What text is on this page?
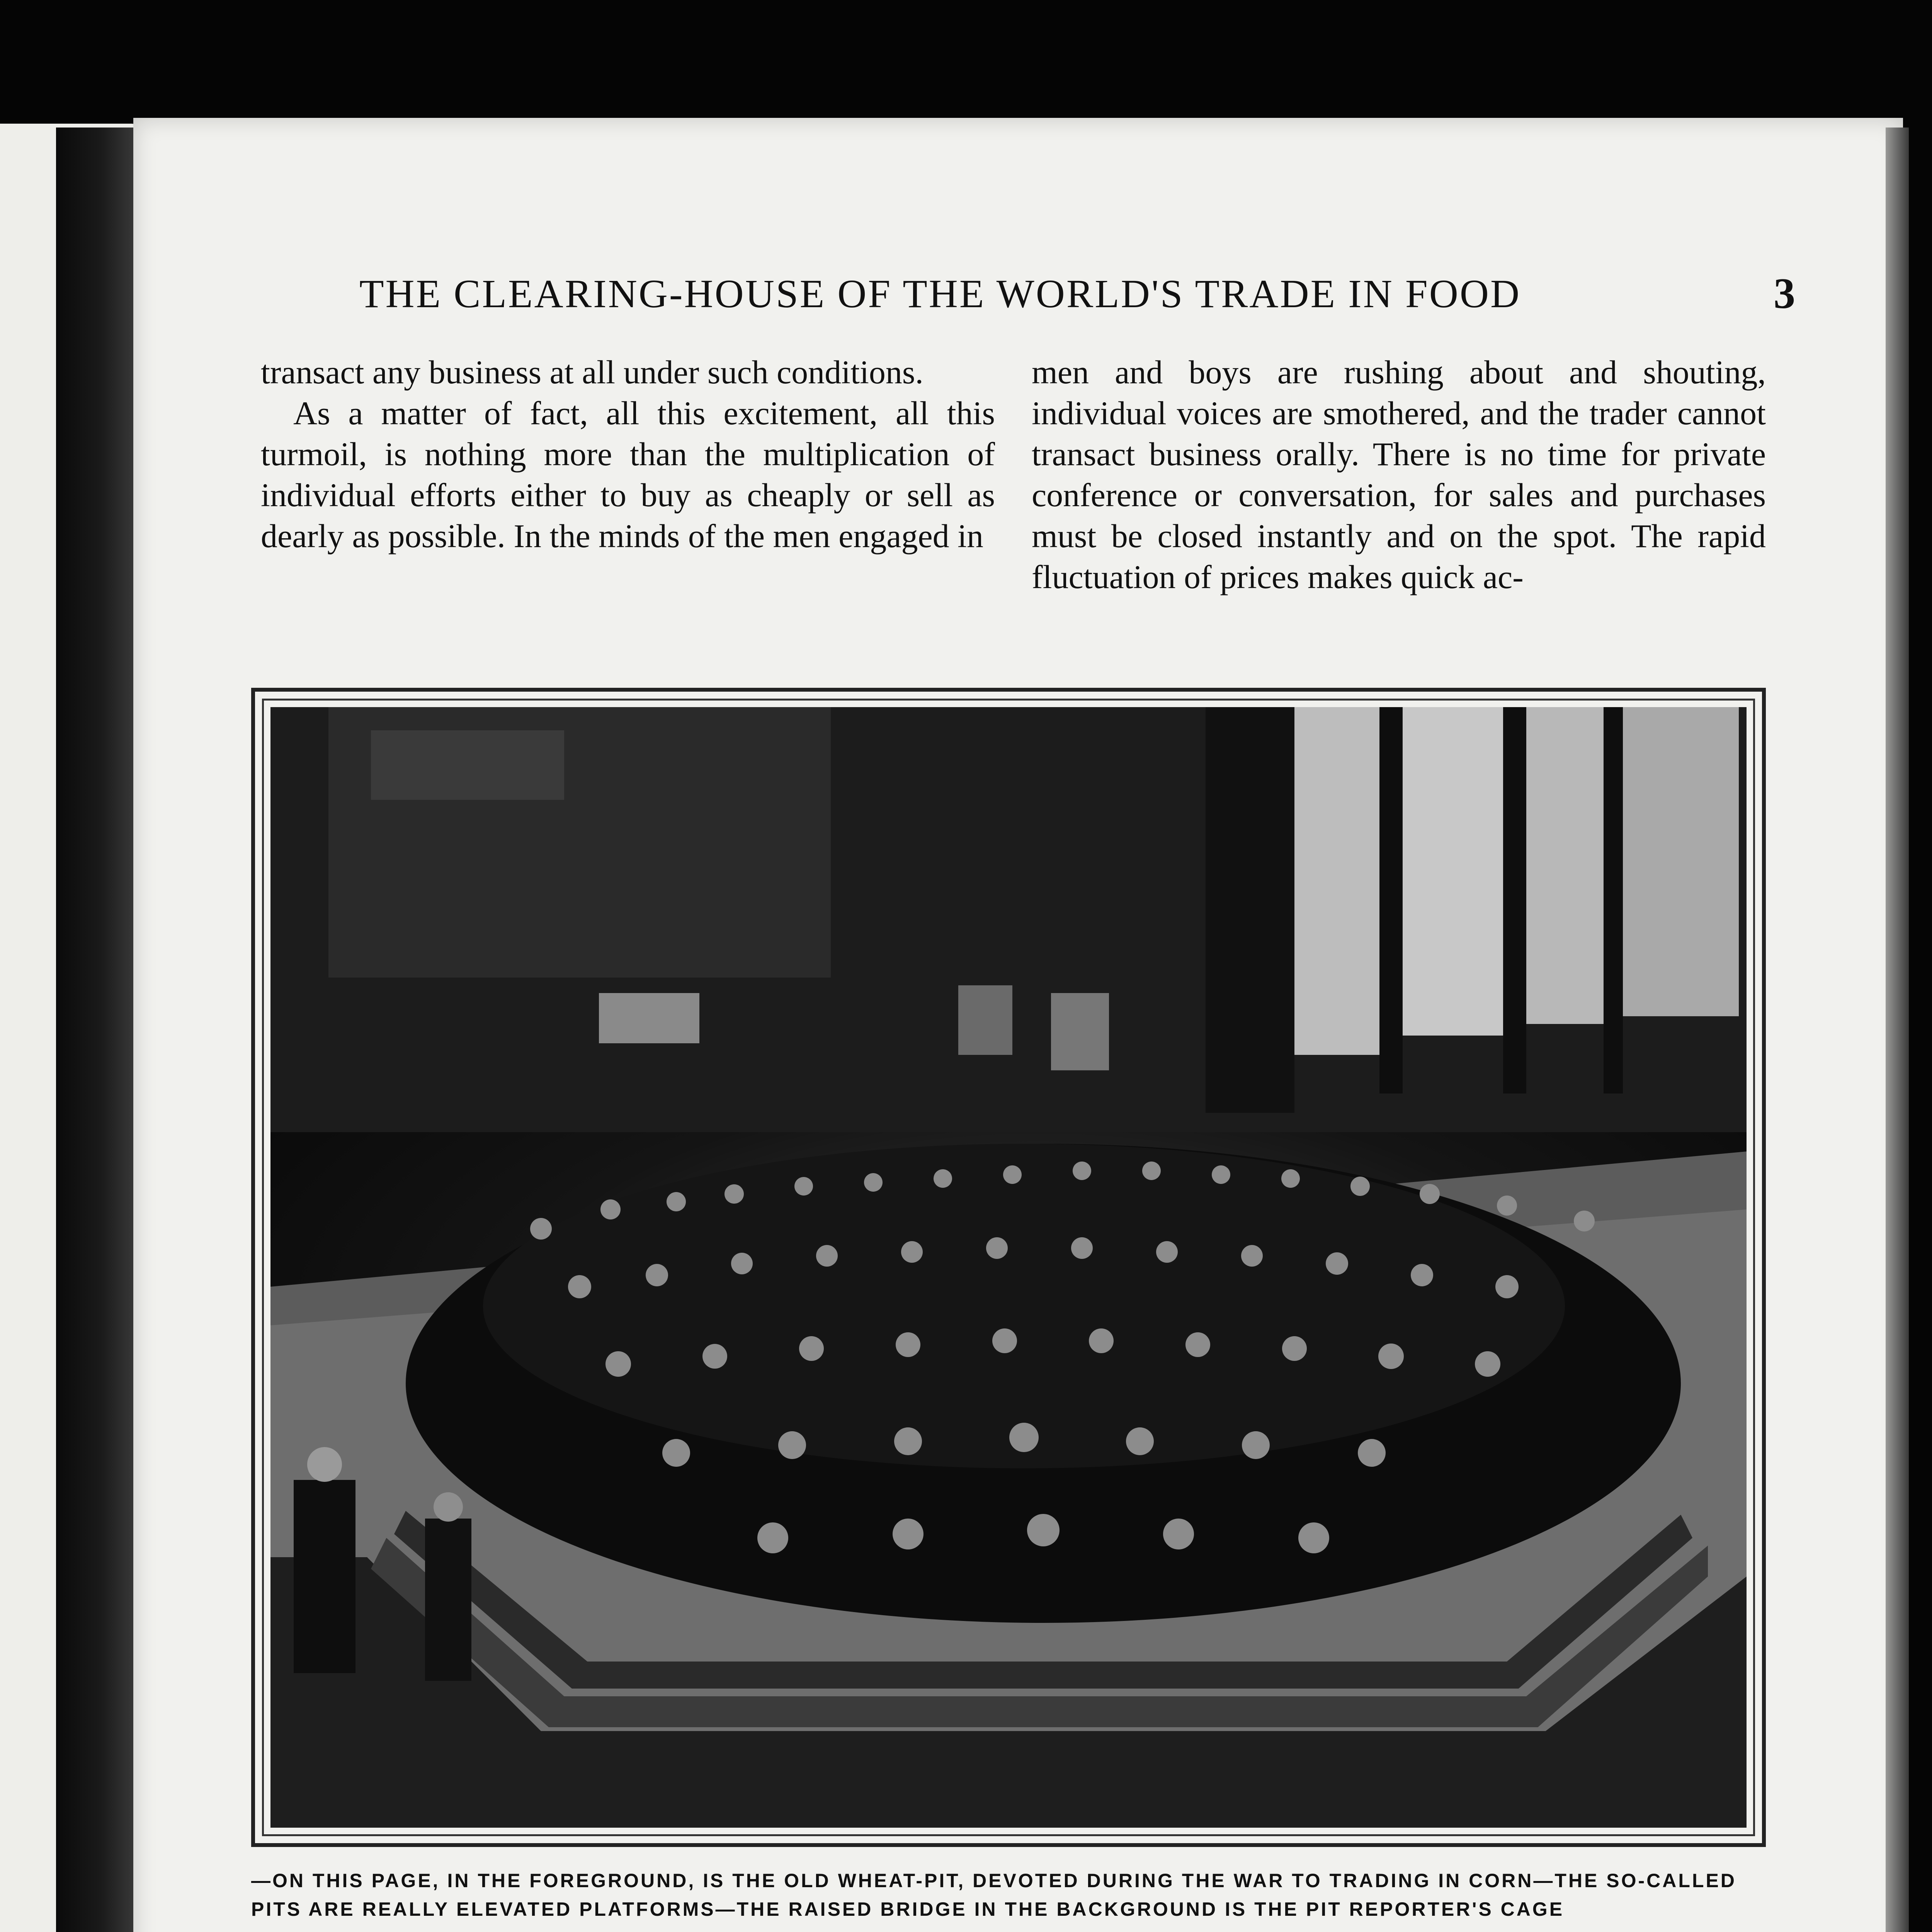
THE CLEARING-HOUSE OF THE WORLD'S TRADE IN FOOD	3

transact any business at all under such conditions.

As a matter of fact, all this excitement, all this turmoil, is nothing more than the multiplication of individual efforts either to buy as cheaply or sell as dearly as possible. In the minds of the men engaged in

men and boys are rushing about and shouting, individual voices are smothered, and the trader cannot transact business orally. There is no time for private conference or conversation, for sales and purchases must be closed instantly and on the spot. The rapid fluctuation of prices makes quick ac-

—ON THIS PAGE, IN THE FOREGROUND, IS THE OLD WHEAT-PIT, DEVOTED DURING THE WAR TO TRADING IN CORN—THE SO-CALLED PITS ARE REALLY ELEVATED PLATFORMS—THE RAISED BRIDGE IN THE BACKGROUND IS THE PIT REPORTER'S CAGE
